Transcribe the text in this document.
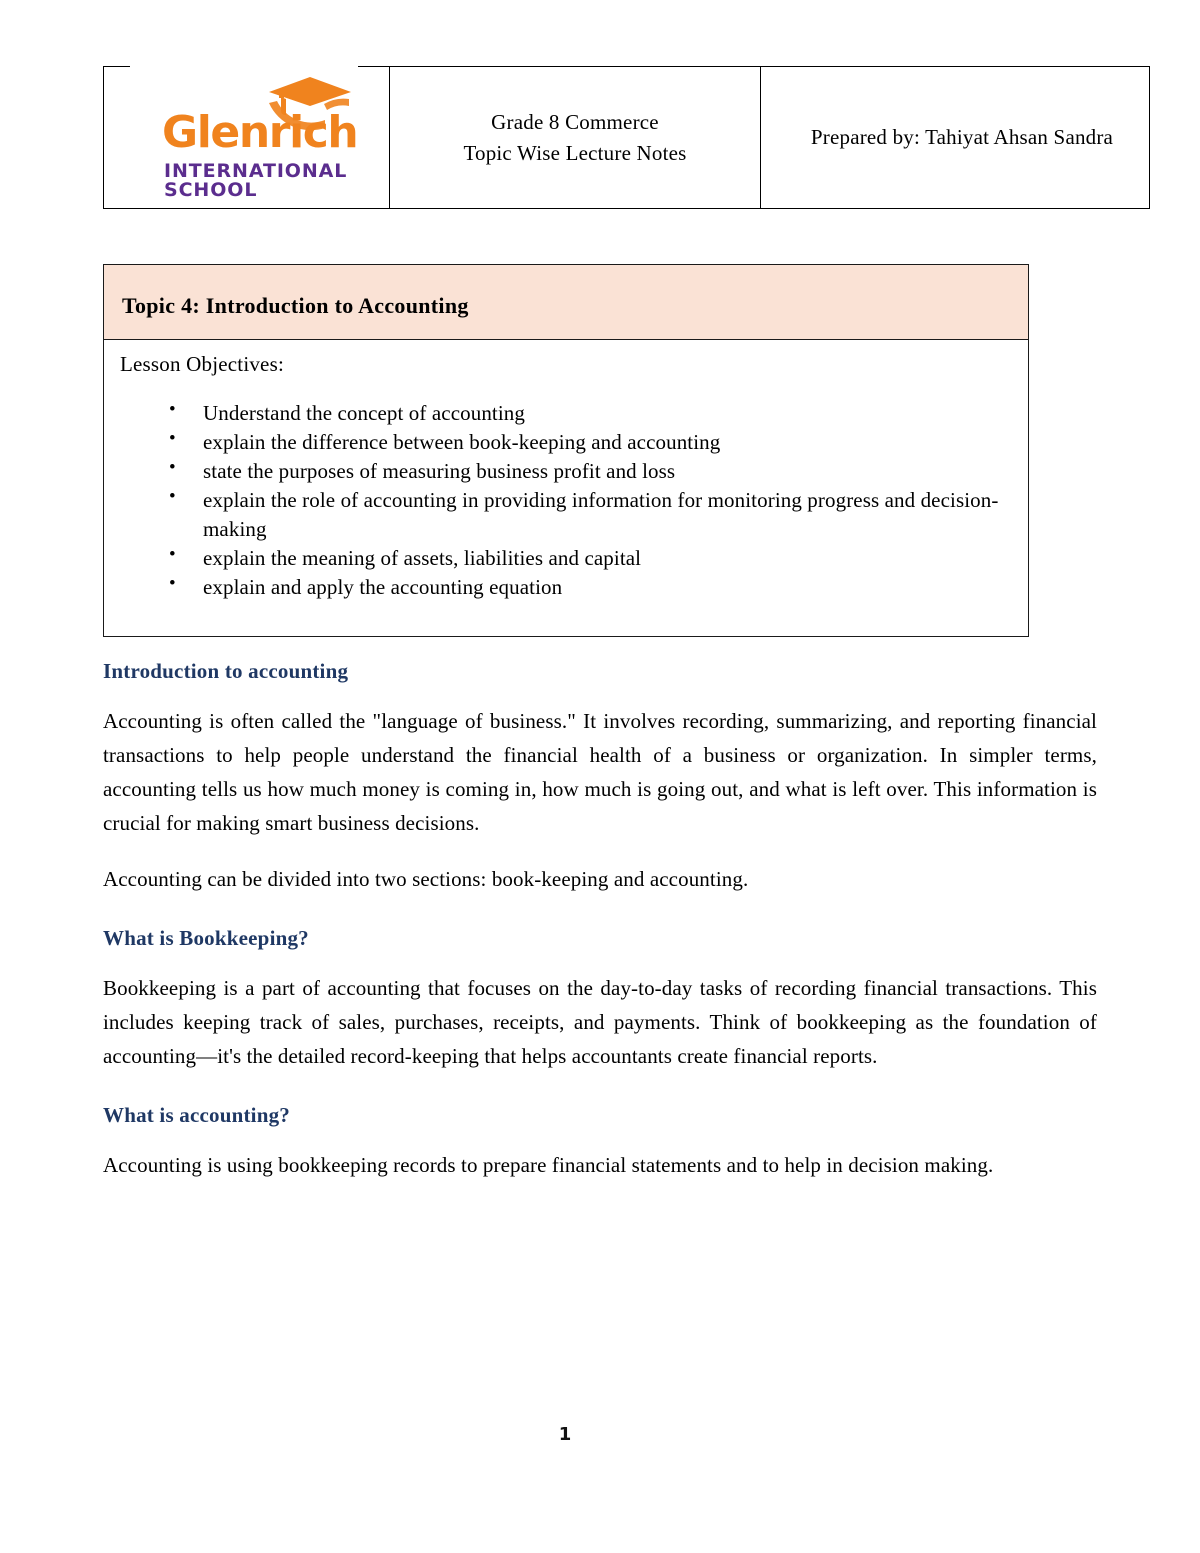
Glenrich
INTERNATIONAL
SCHOOL

Grade 8 Commerce
Topic Wise Lecture Notes

Prepared by: Tahiyat Ahsan Sandra
Topic 4: Introduction to Accounting
Lesson Objectives:
• Understand the concept of accounting
• explain the difference between book-keeping and accounting
• state the purposes of measuring business profit and loss
• explain the role of accounting in providing information for monitoring progress and decision-making
• explain the meaning of assets, liabilities and capital
• explain and apply the accounting equation
Introduction to accounting

Accounting is often called the "language of business." It involves recording, summarizing, and reporting financial transactions to help people understand the financial health of a business or organization. In simpler terms, accounting tells us how much money is coming in, how much is going out, and what is left over. This information is crucial for making smart business decisions.

Accounting can be divided into two sections: book-keeping and accounting.

What is Bookkeeping?

Bookkeeping is a part of accounting that focuses on the day-to-day tasks of recording financial transactions. This includes keeping track of sales, purchases, receipts, and payments. Think of bookkeeping as the foundation of accounting—it's the detailed record-keeping that helps accountants create financial reports.

What is accounting?

Accounting is using bookkeeping records to prepare financial statements and to help in decision making.

1
